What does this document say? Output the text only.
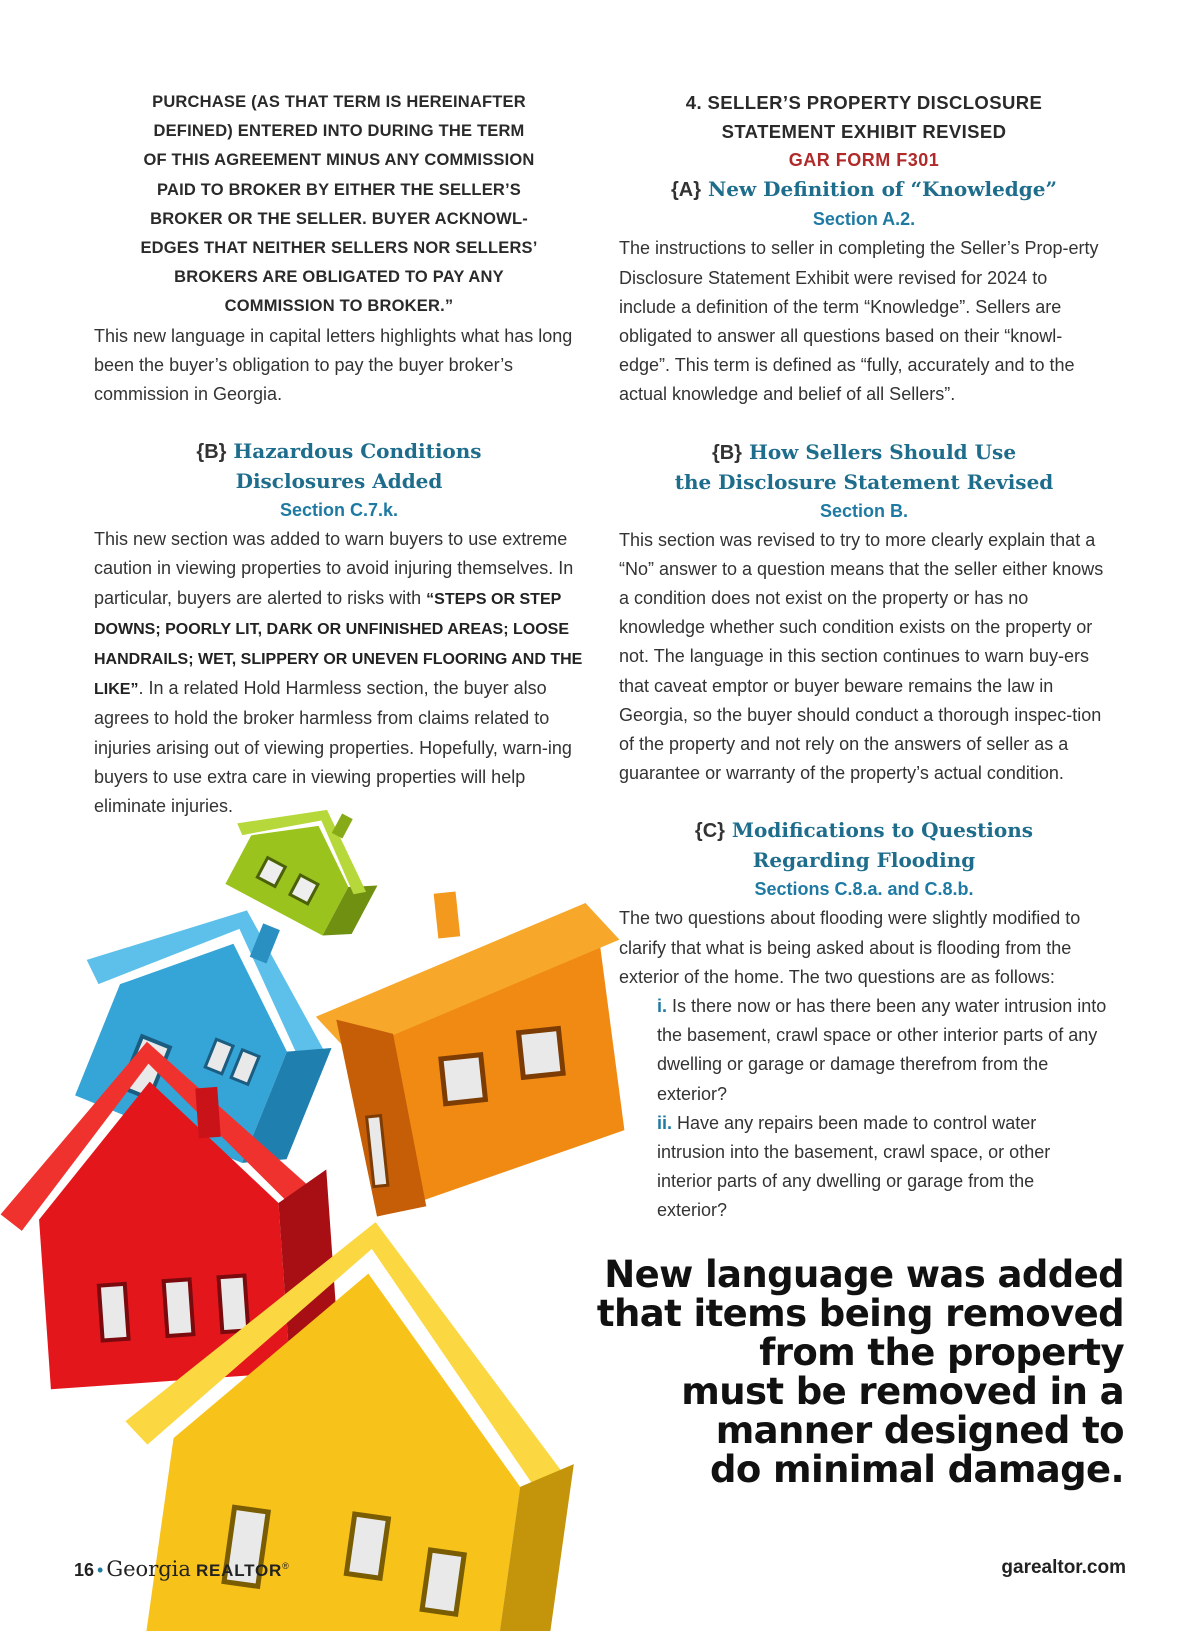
PURCHASE (AS THAT TERM IS HEREINAFTER
DEFINED) ENTERED INTO DURING THE TERM
OF THIS AGREEMENT MINUS ANY COMMISSION
PAID TO BROKER BY EITHER THE SELLER’S
BROKER OR THE SELLER. BUYER ACKNOWL-
EDGES THAT NEITHER SELLERS NOR SELLERS’
BROKERS ARE OBLIGATED TO PAY ANY
COMMISSION TO BROKER.”

This new language in capital letters highlights what has long been the buyer’s obligation to pay the buyer broker’s commission in Georgia.

{B} Hazardous Conditions
Disclosures Added
Section C.7.k.

This new section was added to warn buyers to use extreme caution in viewing properties to avoid injuring themselves. In particular, buyers are alerted to risks with “STEPS OR STEP DOWNS; POORLY LIT, DARK OR UNFINISHED AREAS; LOOSE HANDRAILS; WET, SLIPPERY OR UNEVEN FLOORING AND THE LIKE”. In a related Hold Harmless section, the buyer also agrees to hold the broker harmless from claims related to injuries arising out of viewing properties. Hopefully, warn-ing buyers to use extra care in viewing properties will help eliminate injuries.

4. SELLER’S PROPERTY DISCLOSURE
STATEMENT EXHIBIT REVISED
GAR FORM F301
{A} New Definition of “Knowledge”
Section A.2.

The instructions to seller in completing the Seller’s Prop-erty Disclosure Statement Exhibit were revised for 2024 to include a definition of the term “Knowledge”. Sellers are obligated to answer all questions based on their “knowl-edge”. This term is defined as “fully, accurately and to the actual knowledge and belief of all Sellers”.

{B} How Sellers Should Use
the Disclosure Statement Revised
Section B.

This section was revised to try to more clearly explain that a “No” answer to a question means that the seller either knows a condition does not exist on the property or has no knowledge whether such condition exists on the property or not. The language in this section continues to warn buy-ers that caveat emptor or buyer beware remains the law in Georgia, so the buyer should conduct a thorough inspec-tion of the property and not rely on the answers of seller as a guarantee or warranty of the property’s actual condition.

{C} Modifications to Questions
Regarding Flooding
Sections C.8.a. and C.8.b.

The two questions about flooding were slightly modified to clarify that what is being asked about is flooding from the exterior of the home. The two questions are as follows:

i. Is there now or has there been any water intrusion into the basement, crawl space or other interior parts of any dwelling or garage or damage therefrom from the exterior?

ii. Have any repairs been made to control water intrusion into the basement, crawl space, or other interior parts of any dwelling or garage from the exterior?

New language was added
that items being removed
from the property
must be removed in a
manner designed to
do minimal damage.
16 • Georgia REALTOR®	garealtor.com
